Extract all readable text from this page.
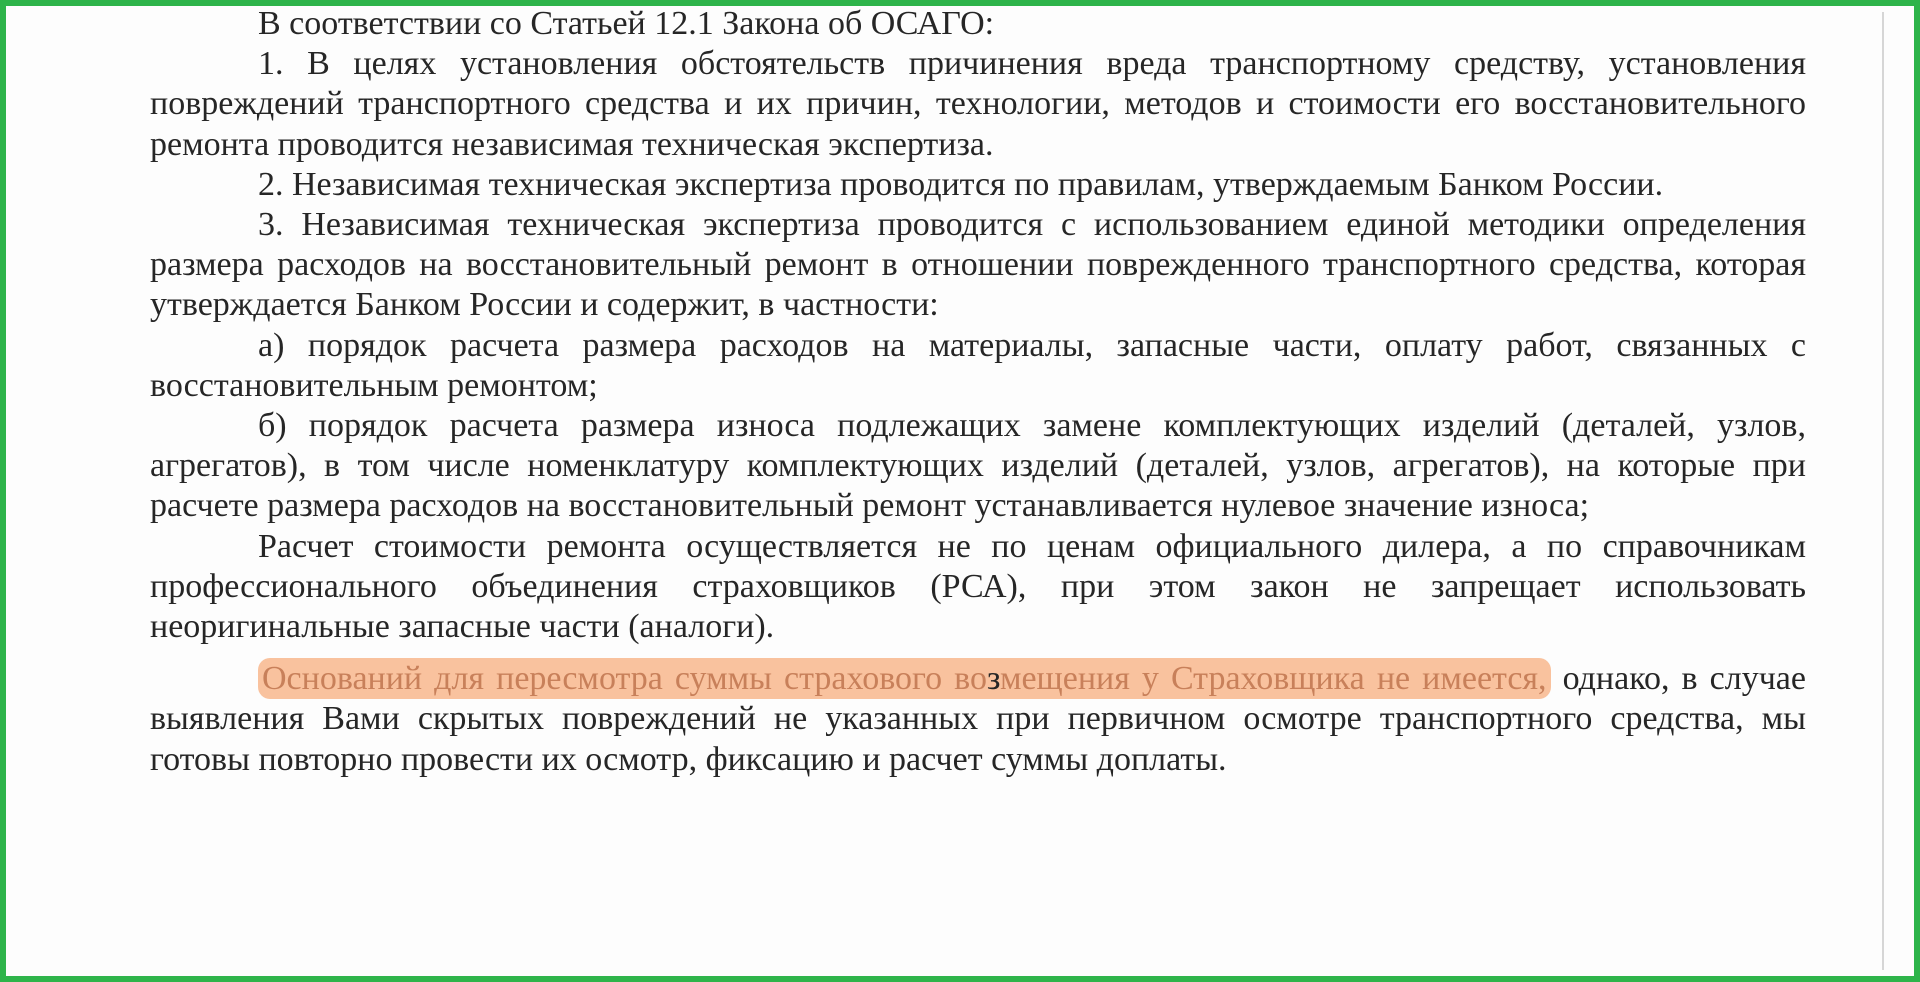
В соответствии со Статьей 12.1 Закона об ОСАГО:

1. В целях установления обстоятельств причинения вреда транспортному средству, установления повреждений транспортного средства и их причин, технологии, методов и стоимости его восстановительного ремонта проводится независимая техническая экспертиза.

2. Независимая техническая экспертиза проводится по правилам, утверждаемым Банком России.

3. Независимая техническая экспертиза проводится с использованием единой методики определения размера расходов на восстановительный ремонт в отношении поврежденного транспортного средства, которая утверждается Банком России и содержит, в частности:

а) порядок расчета размера расходов на материалы, запасные части, оплату работ, связанных с восстановительным ремонтом;

б) порядок расчета размера износа подлежащих замене комплектующих изделий (деталей, узлов, агрегатов), в том числе номенклатуру комплектующих изделий (деталей, узлов, агрегатов), на которые при расчете размера расходов на восстановительный ремонт устанавливается нулевое значение износа;

Расчет стоимости ремонта осуществляется не по ценам официального дилера, а по справочникам профессионального объединения страховщиков (РСА), при этом закон не запрещает использовать неоригинальные запасные части (аналоги).

Оснований для пересмотра суммы страхового возмещения у Страховщика не имеется, однако, в случае выявления Вами скрытых повреждений не указанных при первичном осмотре транспортного средства, мы готовы повторно провести их осмотр, фиксацию и расчет суммы доплаты.
